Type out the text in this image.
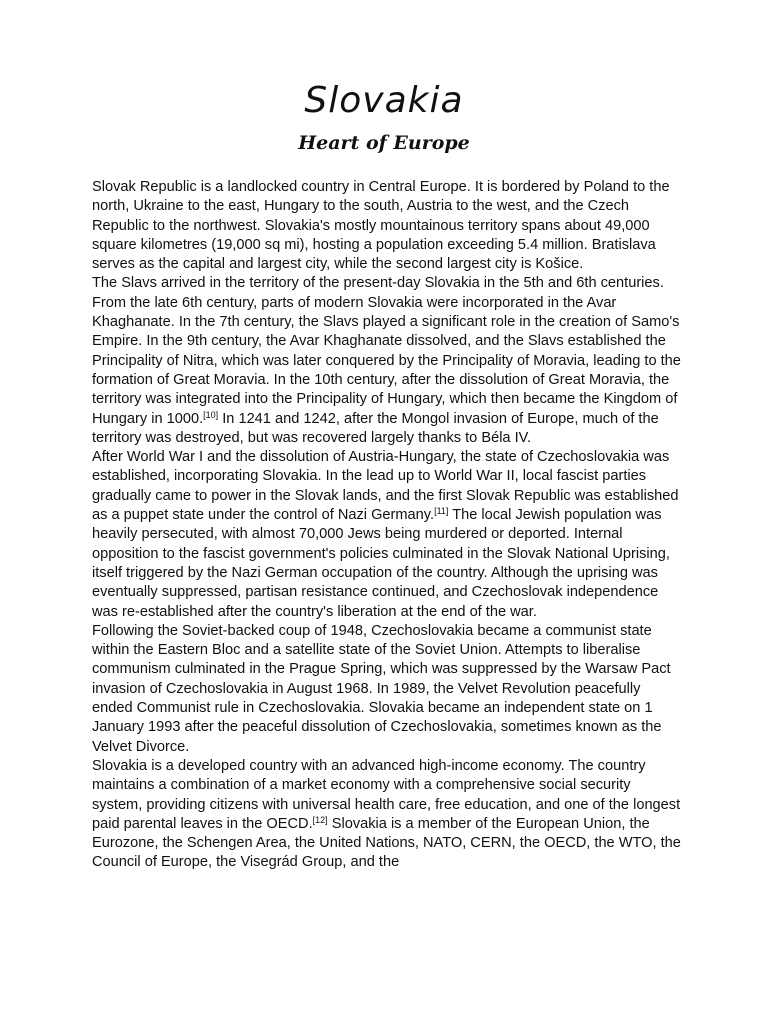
Slovakia
Heart of Europe

Slovak Republic is a landlocked country in Central Europe. It is bordered by Poland to the north, Ukraine to the east, Hungary to the south, Austria to the west, and the Czech Republic to the northwest. Slovakia's mostly mountainous territory spans about 49,000 square kilometres (19,000 sq mi), hosting a population exceeding 5.4 million. Bratislava serves as the capital and largest city, while the second largest city is Košice.

The Slavs arrived in the territory of the present-day Slovakia in the 5th and 6th centuries. From the late 6th century, parts of modern Slovakia were incorporated in the Avar Khaghanate. In the 7th century, the Slavs played a significant role in the creation of Samo's Empire. In the 9th century, the Avar Khaghanate dissolved, and the Slavs established the Principality of Nitra, which was later conquered by the Principality of Moravia, leading to the formation of Great Moravia. In the 10th century, after the dissolution of Great Moravia, the territory was integrated into the Principality of Hungary, which then became the Kingdom of Hungary in 1000.[10] In 1241 and 1242, after the Mongol invasion of Europe, much of the territory was destroyed, but was recovered largely thanks to Béla IV.

After World War I and the dissolution of Austria-Hungary, the state of Czechoslovakia was established, incorporating Slovakia. In the lead up to World War II, local fascist parties gradually came to power in the Slovak lands, and the first Slovak Republic was established as a puppet state under the control of Nazi Germany.[11] The local Jewish population was heavily persecuted, with almost 70,000 Jews being murdered or deported. Internal opposition to the fascist government's policies culminated in the Slovak National Uprising, itself triggered by the Nazi German occupation of the country. Although the uprising was eventually suppressed, partisan resistance continued, and Czechoslovak independence was re-established after the country's liberation at the end of the war.

Following the Soviet-backed coup of 1948, Czechoslovakia became a communist state within the Eastern Bloc and a satellite state of the Soviet Union. Attempts to liberalise communism culminated in the Prague Spring, which was suppressed by the Warsaw Pact invasion of Czechoslovakia in August 1968. In 1989, the Velvet Revolution peacefully ended Communist rule in Czechoslovakia. Slovakia became an independent state on 1 January 1993 after the peaceful dissolution of Czechoslovakia, sometimes known as the Velvet Divorce.

Slovakia is a developed country with an advanced high-income economy. The country maintains a combination of a market economy with a comprehensive social security system, providing citizens with universal health care, free education, and one of the longest paid parental leaves in the OECD.[12] Slovakia is a member of the European Union, the Eurozone, the Schengen Area, the United Nations, NATO, CERN, the OECD, the WTO, the Council of Europe, the Visegrád Group, and the
